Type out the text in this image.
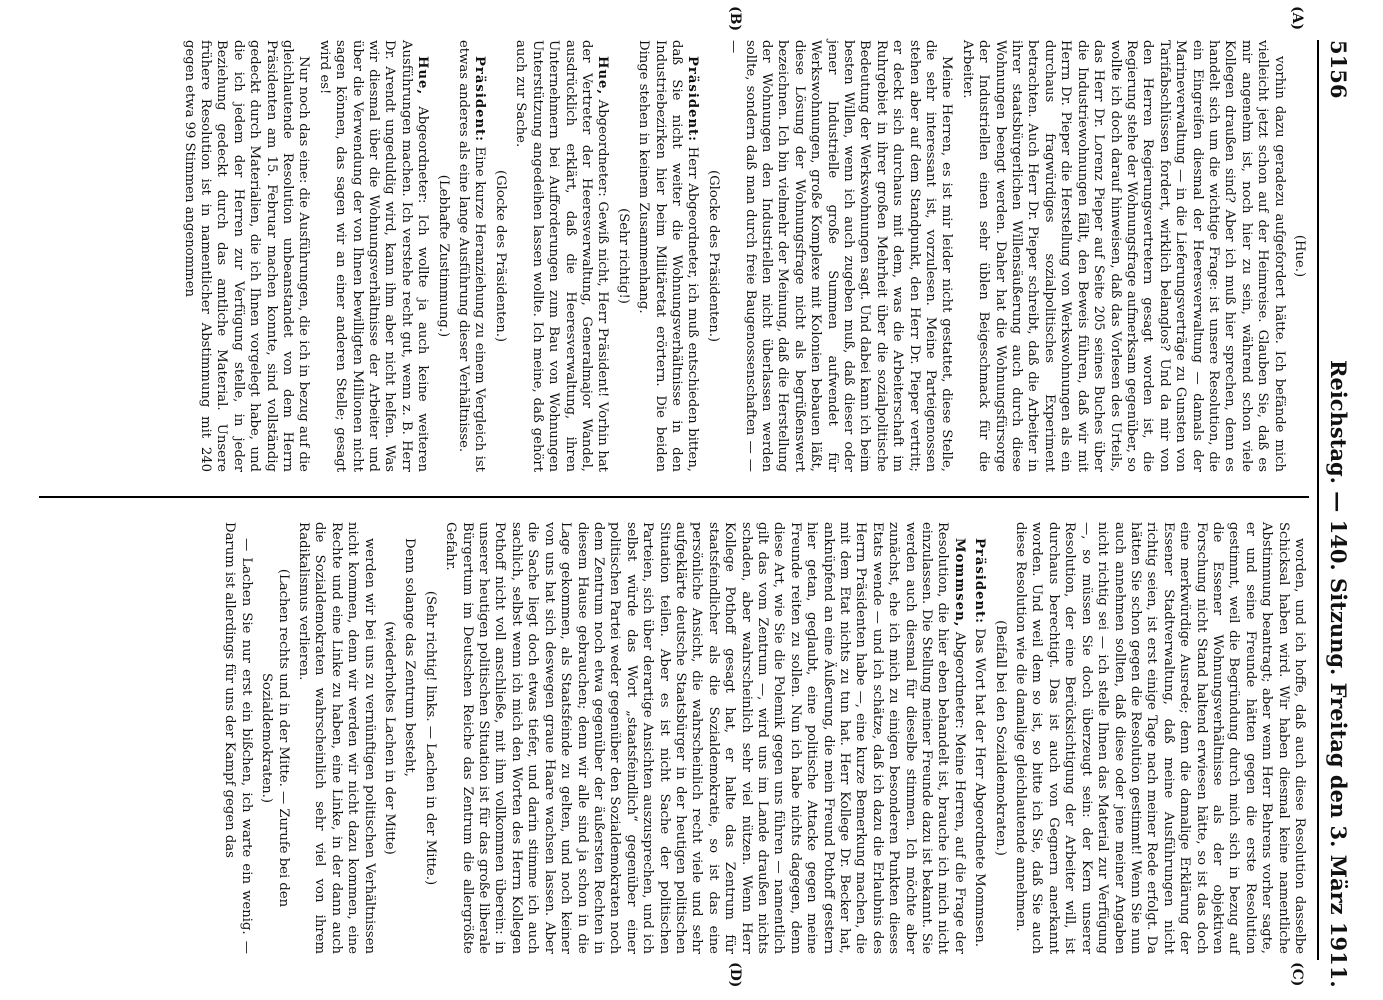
5156
Reichstag. — 140. Sitzung. Freitag den 3. März 1911.
(A)
(B)
(C)
(D)

(Hue.)

vorhin dazu geradezu aufgefordert hätte. Ich befände mich vielleicht jetzt schon auf der Heimreise. Glauben Sie, daß es mir angenehm ist, noch hier zu sein, während schon viele Kollegen draußen sind? Aber ich muß hier sprechen, denn es handelt sich um die wichtige Frage: ist unsere Resolution, die ein Eingreifen diesmal der Heeresverwaltung — damals der Marineverwaltung — in die Lieferungsverträge zu Gunsten von Tarifabschlüssen fordert, wirklich belanglos? Und da mir von den Herren Regierungsvertretern gesagt worden ist, die Regierung stehe der Wohnungsfrage aufmerksam gegenüber, so wollte ich doch darauf hinweisen, daß das Vorlesen des Urteils, das Herr Dr. Lorenz Pieper auf Seite 205 seines Buches über die Industriewohnungen fällt, den Beweis führen, daß wir mit Herrn Dr. Pieper die Herstellung von Werkswohnungen als ein durchaus fragwürdiges sozialpolitisches Experiment betrachten. Auch Herr Dr. Pieper schreibt, daß die Arbeiter in ihrer staatsbürgerlichen Willensäußerung auch durch diese Wohnungen beengt werden. Daher hat die Wohnungsfürsorge der Industriellen einen sehr üblen Beigeschmack für die Arbeiter.

Meine Herren, es ist mir leider nicht gestattet, diese Stelle, die sehr interessant ist, vorzulesen. Meine Parteigenossen stehen aber auf dem Standpunkt, den Herr Dr. Pieper vertritt; er deckt sich durchaus mit dem, was die Arbeiterschaft im Ruhrgebiet in ihrer großen Mehrheit über die sozialpolitische Bedeutung der Werkswohnungen sagt. Und dabei kann ich beim besten Willen, wenn ich auch zugeben muß, daß dieser oder jener Industrielle große Summen aufwendet für Werkswohnungen, große Komplexe mit Kolonien bebauen läßt, diese Lösung der Wohnungsfrage nicht als begrüßenswert bezeichnen. Ich bin vielmehr der Meinung, daß die Herstellung der Wohnungen den Industriellen nicht überlassen werden sollte, sondern daß man durch freie Baugenossenschaften — — —

(Glocke des Präsidenten.)

Präsident: Herr Abgeordneter, ich muß entschieden bitten, daß Sie nicht weiter die Wohnungsverhältnisse in den Industriebezirken hier beim Militäretat erörtern. Die beiden Dinge stehen in keinem Zusammenhang.

(Sehr richtig!)

Hue, Abgeordneter: Gewiß nicht, Herr Präsident! Vorhin hat der Vertreter der Heeresverwaltung, Generalmajor Wandel, ausdrücklich erklärt, daß die Heeresverwaltung, ihren Unternehmern bei Aufforderungen zum Bau von Wohnungen Unterstützung angedeihen lassen wollte. Ich meine, daß gehört auch zur Sache.

(Glocke des Präsidenten.)

Präsident: Eine kurze Heranziehung zu einem Vergleich ist etwas anderes als eine lange Ausführung dieser Verhältnisse.

(Lebhafte Zustimmung.)

Hue, Abgeordneter: Ich wollte ja auch keine weiteren Ausführungen machen. Ich verstehe recht gut, wenn z. B. Herr Dr. Arendt ungeduldig wird, kann ihm aber nicht helfen. Was wir diesmal über die Wohnungsverhältnisse der Arbeiter und über die Verwendung der von Ihnen bewilligten Millionen nicht sagen können, das sagen wir an einer anderen Stelle; gesagt wird es!

Nur noch das eine: die Ausführungen, die ich in bezug auf die gleichlautende Resolution unbeanstandet von dem Herrn Präsidenten am 15. Februar machen konnte, sind vollständig gedeckt durch Materialien, die ich Ihnen vorgelegt habe, und die ich jedem der Herren zur Verfügung stelle, in jeder Beziehung gedeckt durch das amtliche Material. Unsere frühere Resolution ist in namentlicher Abstimmung mit 240 gegen etwa 99 Stimmen angenommen

worden, und ich hoffe, daß auch diese Resolution dasselbe Schicksal haben wird. Wir haben diesmal keine namentliche Abstimmung beantragt; aber wenn Herr Behrens vorher sagte, er und seine Freunde hätten gegen die erste Resolution gestimmt, weil die Begründung durch mich sich in bezug auf die Essener Wohnungsverhältnisse als der objektiven Forschung nicht Stand haltend erwiesen hätte, so ist das doch eine merkwürdige Ausrede; denn die damalige Erklärung der Essener Stadtverwaltung, daß meine Ausführungen nicht richtig seien, ist erst einige Tage nach meiner Rede erfolgt. Da hätten Sie schon gegen die Resolution gestimmt! Wenn Sie nun auch annehmen sollten, daß diese oder jene meiner Angaben nicht richtig sei — ich stelle Ihnen das Material zur Verfügung —, so müssen Sie doch überzeugt sein: der Kern unserer Resolution, der eine Berücksichtigung der Arbeiter will, ist durchaus berechtigt. Das ist auch von Gegnern anerkannt worden. Und weil dem so ist, so bitte ich Sie, daß Sie auch diese Resolution wie die damalige gleichlautende annehmen.

(Beifall bei den Sozialdemokraten.)

Präsident: Das Wort hat der Herr Abgeordnete Mommsen.

Mommsen, Abgeordneter: Meine Herren, auf die Frage der Resolution, die hier eben behandelt ist, brauche ich mich nicht einzulassen. Die Stellung meiner Freunde dazu ist bekannt. Sie werden auch diesmal für dieselbe stimmen. Ich möchte aber zunächst, ehe ich mich zu einigen besonderen Punkten dieses Etats wende — und ich schätze, daß ich dazu die Erlaubnis des Herrn Präsidenten habe —, eine kurze Bemerkung machen, die mit dem Etat nichts zu tun hat. Herr Kollege Dr. Becker hat, anknüpfend an eine Äußerung, die mein Freund Pothoff gestern hier getan, geglaubt, eine politische Attacke gegen meine Freunde reiten zu sollen. Nun ich habe nichts dagegen, denn diese Art, wie Sie die Polemik gegen uns führen — namentlich gilt das vom Zentrum —, wird uns im Lande draußen nichts schaden, aber wahrscheinlich sehr viel nützen. Wenn Herr Kollege Pothoff gesagt hat, er halte das Zentrum für staatsfeindlicher als die Sozialdemokratie, so ist das eine persönliche Ansicht, die wahrscheinlich recht viele und sehr aufgeklärte deutsche Staatsbürger in der heutigen politischen Situation teilen. Aber es ist nicht Sache der politischen Parteien, sich über derartige Ansichten auszusprechen, und ich selbst würde das Wort „staatsfeindlich“ gegenüber einer politischen Partei weder gegenüber den Sozialdemokraten noch dem Zentrum noch etwa gegenüber der äußersten Rechten in diesem Hause gebrauchen; denn wir alle sind ja schon in die Lage gekommen, als Staatsfeinde zu gelten, und noch keiner von uns hat sich deswegen graue Haare wachsen lassen. Aber die Sache liegt doch etwas tiefer, und darin stimme ich auch sachlich, selbst wenn ich mich den Worten des Herrn Kollegen Pothoff nicht voll anschließe, mit ihm vollkommen überein: in unserer heutigen politischen Situation ist für das große liberale Bürgertum im Deutschen Reiche das Zentrum die allergrößte Gefahr.

(Sehr richtig! links. — Lachen in der Mitte.)

Denn solange das Zentrum besteht,

(wiederholtes Lachen in der Mitte)

werden wir bei uns zu vernünftigen politischen Verhältnissen nicht kommen, denn wir werden wir nicht dazu kommen, eine Rechte und eine Linke zu haben, eine Linke, in der dann auch die Sozialdemokraten wahrscheinlich sehr viel von ihrem Radikalismus verlieren.

(Lachen rechts und in der Mitte. — Zurufe bei den Sozialdemokraten.)

— Lachen Sie nur erst ein bißchen, ich warte ein wenig. — Darum ist allerdings für uns der Kampf gegen das
